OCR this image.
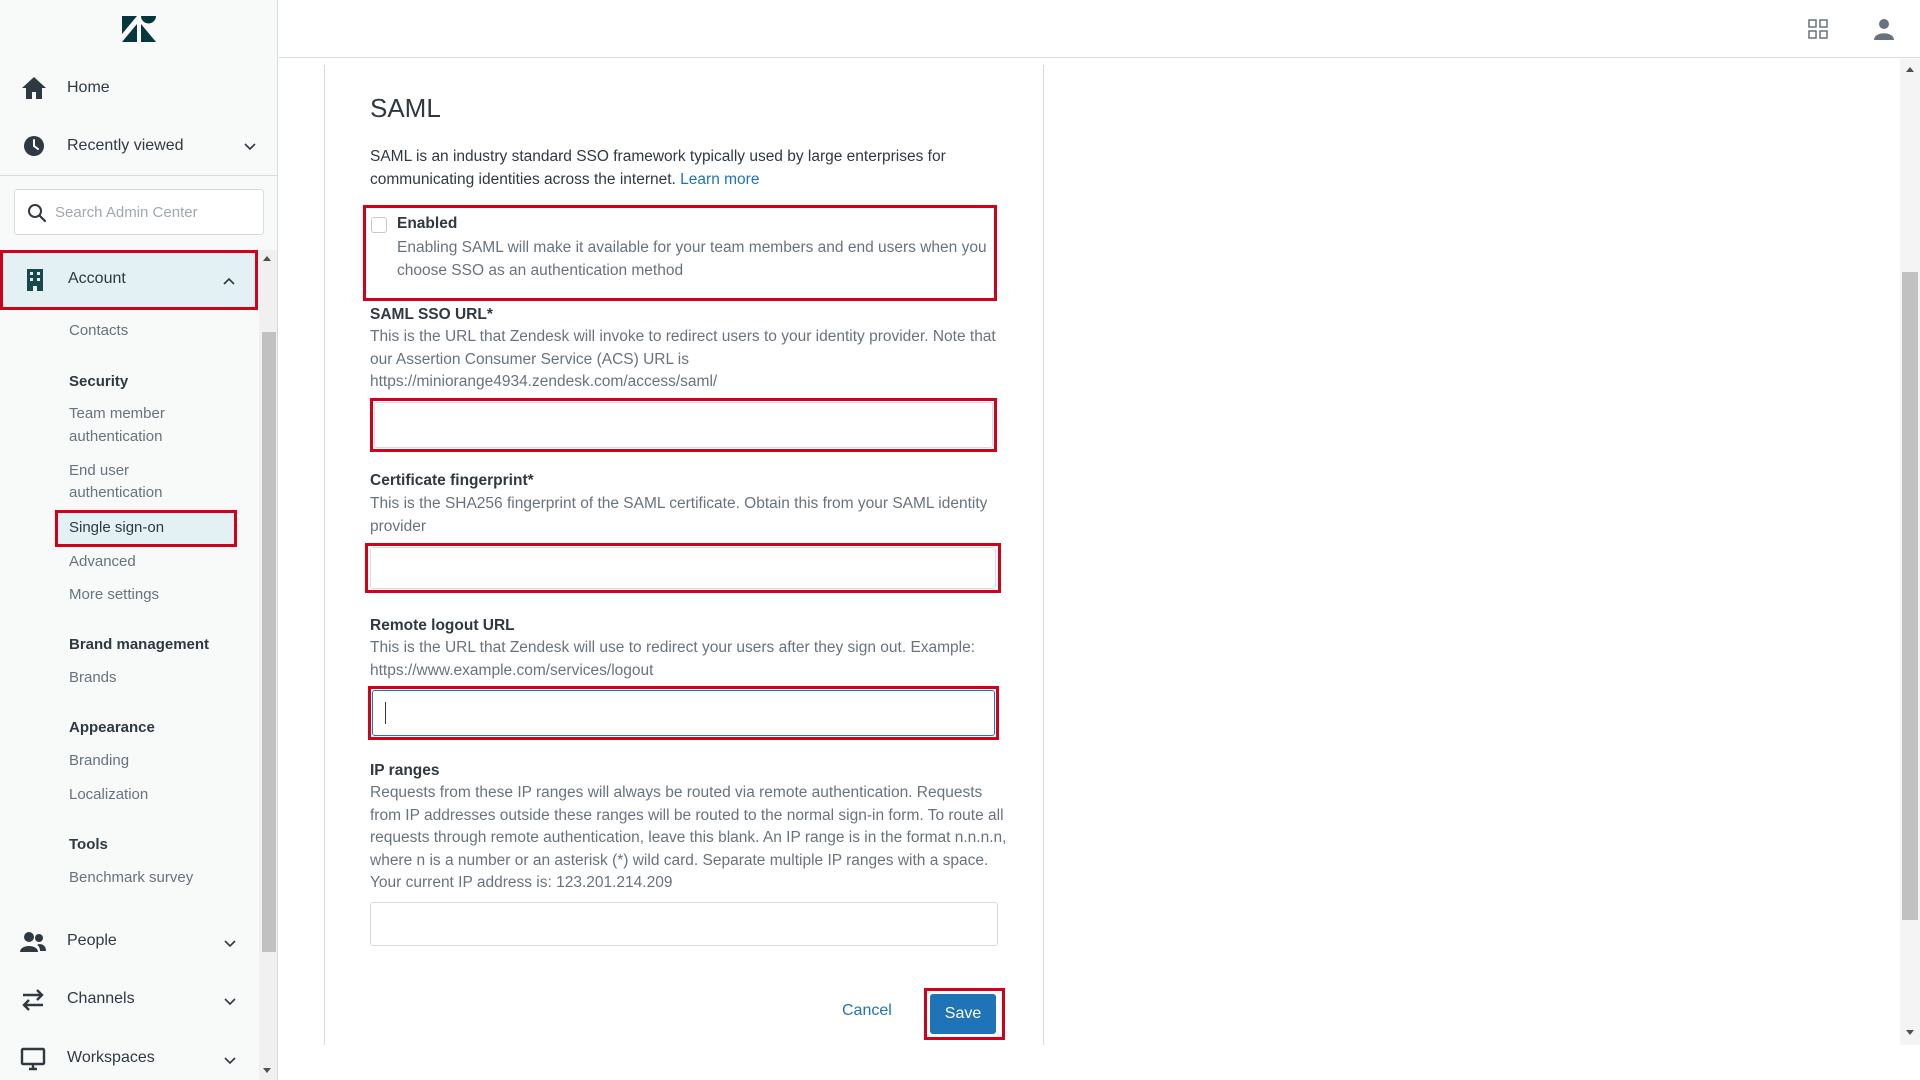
Home
Recently viewed
Search Admin Center
Account
Contacts
Security
Team member
authentication
End user
authentication
Single sign-on
Advanced
More settings
Brand management
Brands
Appearance
Branding
Localization
Tools
Benchmark survey
People
Channels
Workspaces
SAML

SAML is an industry standard SSO framework typically used by large enterprises for communicating identities across the internet. Learn more

Enabled
Enabling SAML will make it available for your team members and end users when you choose SSO as an authentication method
SAML SSO URL*
This is the URL that Zendesk will invoke to redirect users to your identity provider. Note that our Assertion Consumer Service (ACS) URL is https://miniorange4934.zendesk.com/access/saml/
Certificate fingerprint*
This is the SHA256 fingerprint of the SAML certificate. Obtain this from your SAML identity provider
Remote logout URL
This is the URL that Zendesk will use to redirect your users after they sign out. Example: https://www.example.com/services/logout
IP ranges
Requests from these IP ranges will always be routed via remote authentication. Requests from IP addresses outside these ranges will be routed to the normal sign-in form. To route all requests through remote authentication, leave this blank. An IP range is in the format n.n.n.n, where n is a number or an asterisk (*) wild card. Separate multiple IP ranges with a space. Your current IP address is: 123.201.214.209
Cancel	Save
